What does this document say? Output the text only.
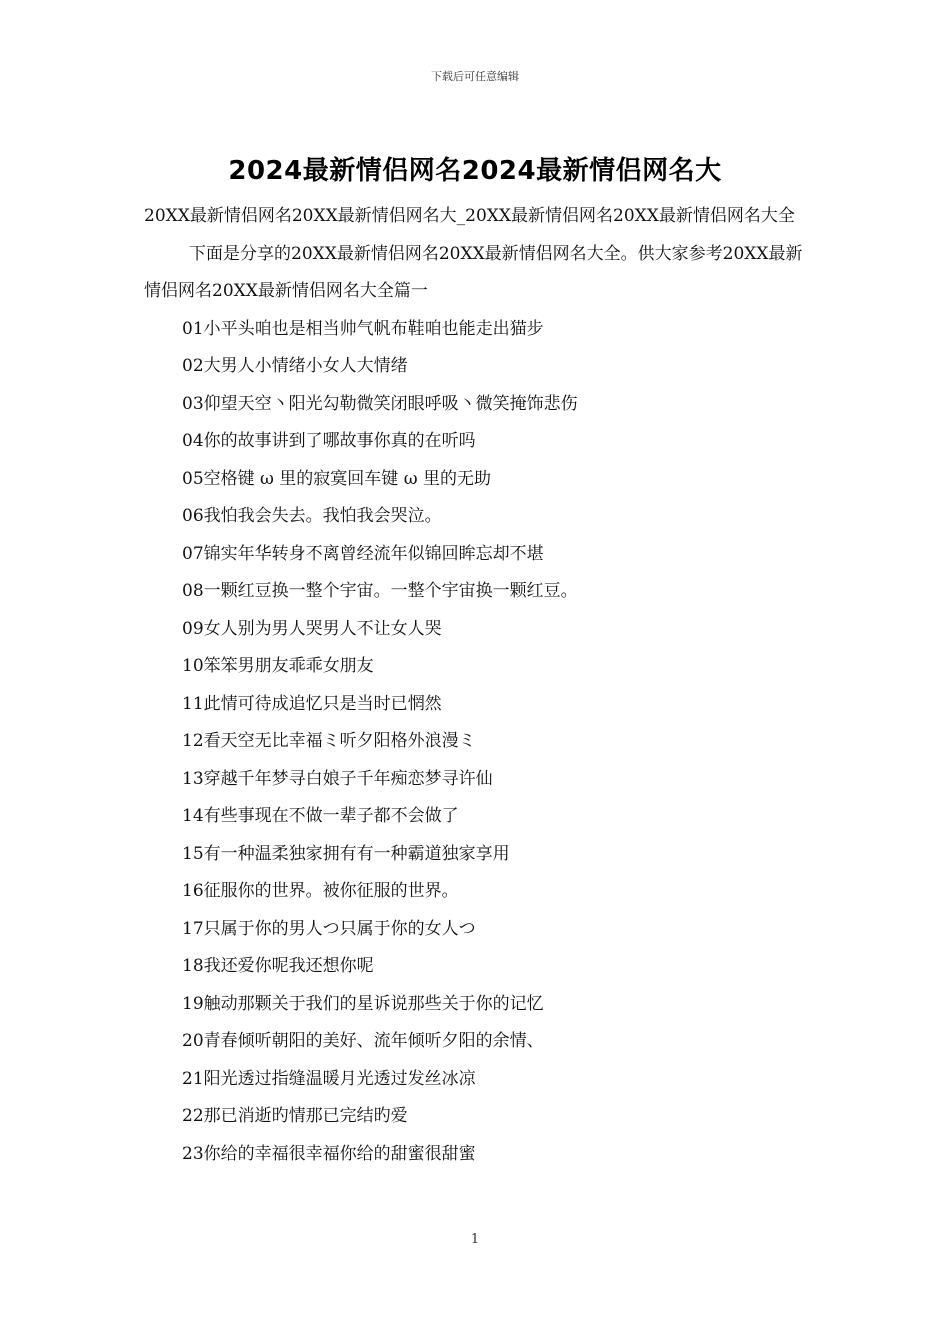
下载后可任意编辑
2024最新情侣网名2024最新情侣网名大

20XX最新情侣网名20XX最新情侣网名大_20XX最新情侣网名20XX最新情侣网名大全

下面是分享的20XX最新情侣网名20XX最新情侣网名大全。供大家参考20XX最新情侣网名20XX最新情侣网名大全篇一

01小平头咱也是相当帅气帆布鞋咱也能走出猫步

02大男人小情绪小女人大情绪

03仰望天空丶阳光勾勒微笑闭眼呼吸丶微笑掩饰悲伤

04你的故事讲到了哪故事你真的在听吗

05空格键 ω 里的寂寞回车键 ω 里的无助

06我怕我会失去。我怕我会哭泣。

07锦实年华转身不离曾经流年似锦回眸忘却不堪

08一颗红豆换一整个宇宙。一整个宇宙换一颗红豆。

09女人别为男人哭男人不让女人哭

10笨笨男朋友乖乖女朋友

11此情可待成追忆只是当时已惘然

12看天空无比幸福ミ听夕阳格外浪漫ミ

13穿越千年梦寻白娘子千年痴恋梦寻许仙

14有些事现在不做一辈子都不会做了

15有一种温柔独家拥有有一种霸道独家享用

16征服你的世界。被你征服的世界。

17只属于你的男人つ只属于你的女人つ

18我还爱你呢我还想你呢

19触动那颗关于我们的星诉说那些关于你的记忆

20青春倾听朝阳的美好、流年倾听夕阳的余情、

21阳光透过指缝温暖月光透过发丝冰凉

22那已消逝旳情那已完结旳爱

23你给的幸福很幸福你给的甜蜜很甜蜜

1
